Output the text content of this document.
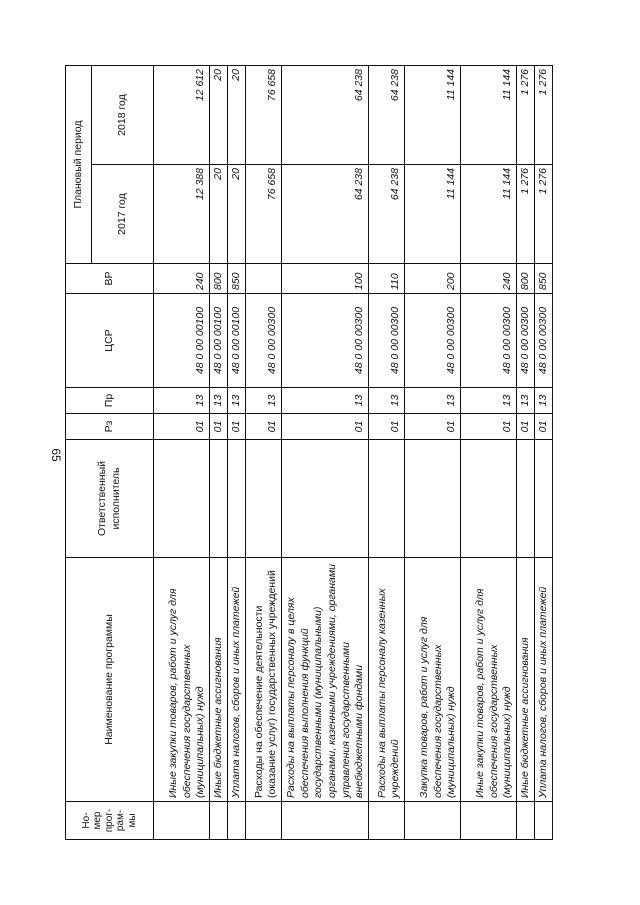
65
Но-мер прог-рам-мы	Наименование программы	Ответственный исполнитель	Рз	Пр	ЦСР	ВР	Плановый период	
							2017 год	2018 год
	Иные закупки товаров, работ и услуг для обеспечения государственных (муниципальных) нужд		01	13	48 0 00 00100	240	12 388	12 612
	Иные бюджетные ассигнования		01	13	48 0 00 00100	800	20	20
	Уплата налогов, сборов и иных платежей		01	13	48 0 00 00100	850	20	20
	Расходы на обеспечение деятельности (оказание услуг) государственных учреждений		01	13	48 0 00 00300		76 658	76 658
	Расходы на выплаты персоналу в целях обеспечения выполнения функций государственными (муниципальными) органами, казенными учреждениями, органами управления государственными внебюджетными фондами		01	13	48 0 00 00300	100	64 238	64 238
	Расходы на выплаты персоналу казенных учреждений		01	13	48 0 00 00300	110	64 238	64 238
	Закупка товаров, работ и услуг для обеспечения государственных (муниципальных) нужд		01	13	48 0 00 00300	200	11 144	11 144
	Иные закупки товаров, работ и услуг для обеспечения государственных (муниципальных) нужд		01	13	48 0 00 00300	240	11 144	11 144
	Иные бюджетные ассигнования		01	13	48 0 00 00300	800	1 276	1 276
	Уплата налогов, сборов и иных платежей		01	13	48 0 00 00300	850	1 276	1 276
